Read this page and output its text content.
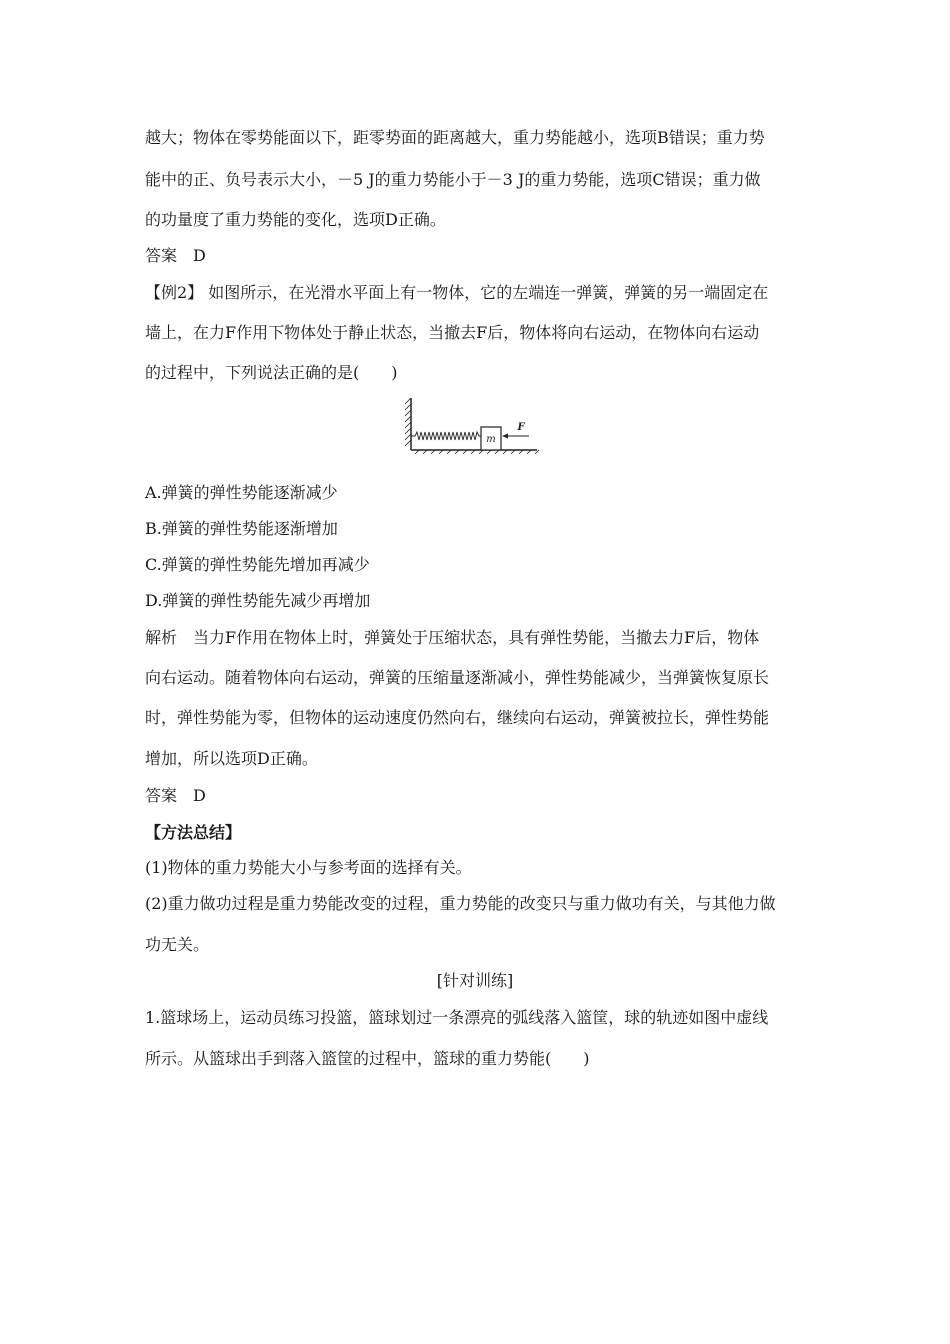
越大；物体在零势能面以下，距零势面的距离越大，重力势能越小，选项B错误；重力势
能中的正、负号表示大小，－5 J的重力势能小于－3 J的重力势能，选项C错误；重力做
的功量度了重力势能的变化，选项D正确。
答案　D
【例2】 如图所示，在光滑水平面上有一物体，它的左端连一弹簧，弹簧的另一端固定在
墙上，在力F作用下物体处于静止状态，当撤去F后，物体将向右运动，在物体向右运动
的过程中，下列说法正确的是(　　)
m
F
A.弹簧的弹性势能逐渐减少
B.弹簧的弹性势能逐渐增加
C.弹簧的弹性势能先增加再减少
D.弹簧的弹性势能先减少再增加
解析　当力F作用在物体上时，弹簧处于压缩状态，具有弹性势能，当撤去力F后，物体
向右运动。随着物体向右运动，弹簧的压缩量逐渐减小，弹性势能减少，当弹簧恢复原长
时，弹性势能为零，但物体的运动速度仍然向右，继续向右运动，弹簧被拉长，弹性势能
增加，所以选项D正确。
答案　D
【方法总结】
(1)物体的重力势能大小与参考面的选择有关。
(2)重力做功过程是重力势能改变的过程，重力势能的改变只与重力做功有关，与其他力做
功无关。
[针对训练]
1.篮球场上，运动员练习投篮，篮球划过一条漂亮的弧线落入篮筐，球的轨迹如图中虚线
所示。从篮球出手到落入篮筐的过程中，篮球的重力势能(　　)
